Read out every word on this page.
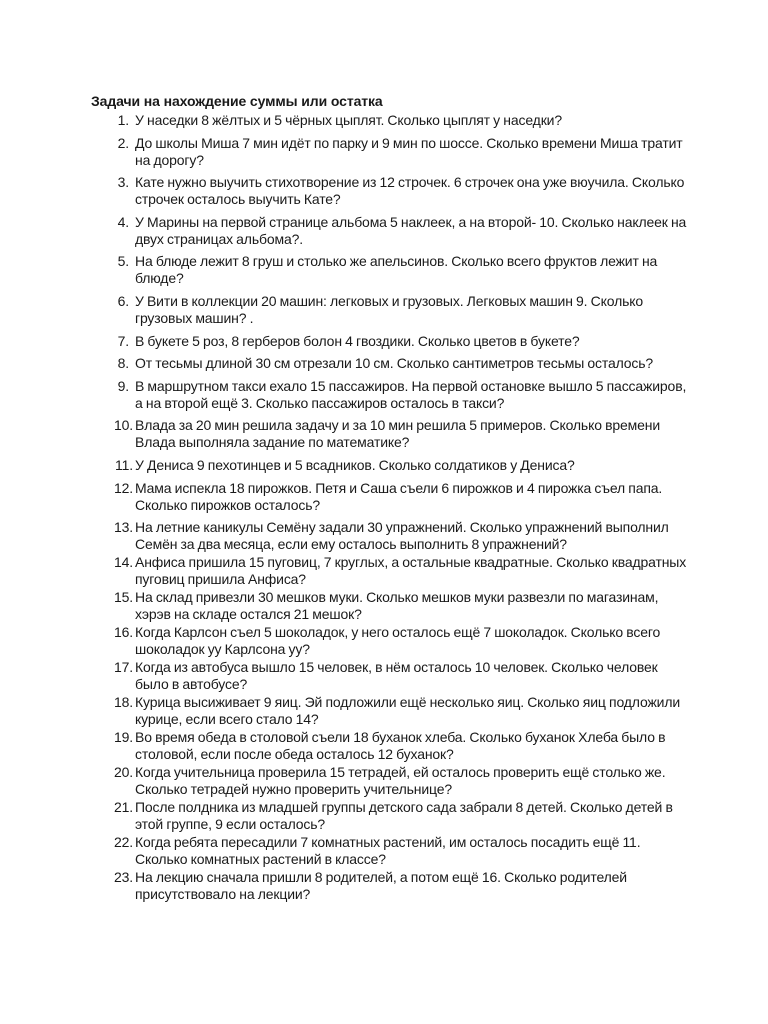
Задачи на нахождение суммы или остатка
1. У наседки 8 жёлтых и 5 чёрных цыплят. Сколько цыплят у наседки?
2. До школы Миша 7 мин идёт по парку и 9 мин по шоссе. Сколько времени Миша тратит на дорогу?
3. Кате нужно выучить стихотворение из 12 строчек. 6 строчек она уже вюучила. Сколько строчек осталось выучить Кате?
4. У Марины на первой странице альбома 5 наклеек, а на второй- 10. Сколько наклеек на двух страницах альбома?.
5. На блюде лежит 8 груш и столько же апельсинов. Сколько всего фруктов лежит на блюде?
6. У Вити в коллекции 20 машин: легковых и грузовых. Легковых машин 9. Сколько грузовых машин? .
7. В букете 5 роз, 8 герберов болон 4 гвоздики. Сколько цветов в букете?
8. От тесьмы длиной 30 см отрезали 10 см. Сколько сантиметров тесьмы осталось?
9. В маршрутном такси ехало 15 пассажиров. На первой остановке вышло 5 пассажиров, а на второй ещё 3. Сколько пассажиров осталось в такси?
10. Влада за 20 мин решила задачу и за 10 мин решила 5 примеров. Сколько времени Влада выполняла задание по математике?
11. У Дениса 9 пехотинцев и 5 всадников. Сколько солдатиков у Дениса?
12. Мама испекла 18 пирожков. Петя и Саша съели 6 пирожков и 4 пирожка съел папа. Сколько пирожков осталось?
13. На летние каникулы Семёну задали 30 упражнений. Сколько упражнений выполнил Семён за два месяца, если ему осталось выполнить 8 упражнений?
14. Анфиса пришила 15 пуговиц, 7 круглых, а остальные квадратные. Сколько квадратных пуговиц пришила Анфиса?
15. На склад привезли 30 мешков муки. Сколько мешков муки развезли по магазинам, хэрэв на складе остался 21 мешок?
16. Когда Карлсон съел 5 шоколадок, у него осталось ещё 7 шоколадок. Сколько всего шоколадок уу Карлсона уу?
17. Когда из автобуса вышло 15 человек, в нём осталось 10 человек. Сколько человек было в автобусе?
18. Курица высиживает 9 яиц. Эй подложили ещё несколько яиц. Сколько яиц подложили курице, если всего стало 14?
19. Во время обеда в столовой съели 18 буханок хлеба. Сколько буханок Хлеба было в столовой, если после обеда осталось 12 буханок?
20. Когда учительница проверила 15 тетрадей, ей осталось проверить ещё столько же. Сколько тетрадей нужно проверить учительнице?
21. После полдника из младшей группы детского сада забрали 8 детей. Сколько детей в этой группе, 9 если осталось?
22. Когда ребята пересадили 7 комнатных растений, им осталось посадить ещё 11. Сколько комнатных растений в классе?
23. На лекцию сначала пришли 8 родителей, а потом ещё 16. Сколько родителей присутствовало на лекции?
